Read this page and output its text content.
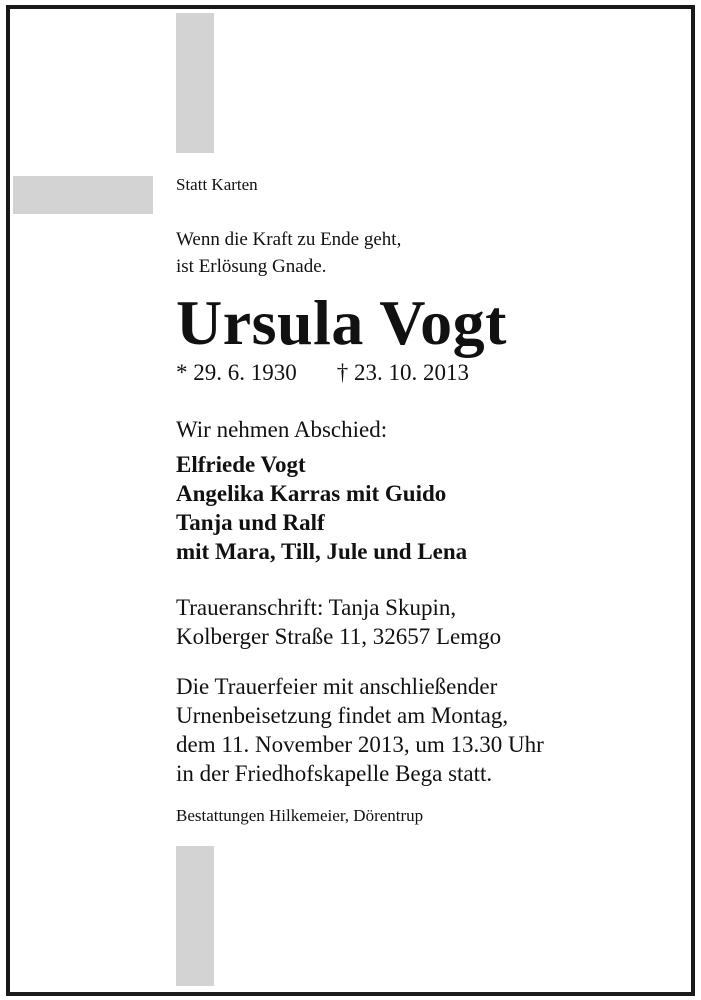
Statt Karten
Wenn die Kraft zu Ende geht,
ist Erlösung Gnade.
Ursula Vogt
* 29. 6. 1930 † 23. 10. 2013
Wir nehmen Abschied:
Elfriede Vogt
Angelika Karras mit Guido
Tanja und Ralf
mit Mara, Till, Jule und Lena
Traueranschrift: Tanja Skupin,
Kolberger Straße 11, 32657 Lemgo
Die Trauerfeier mit anschließender
Urnenbeisetzung findet am Montag,
dem 11. November 2013, um 13.30 Uhr
in der Friedhofskapelle Bega statt.
Bestattungen Hilkemeier, Dörentrup
